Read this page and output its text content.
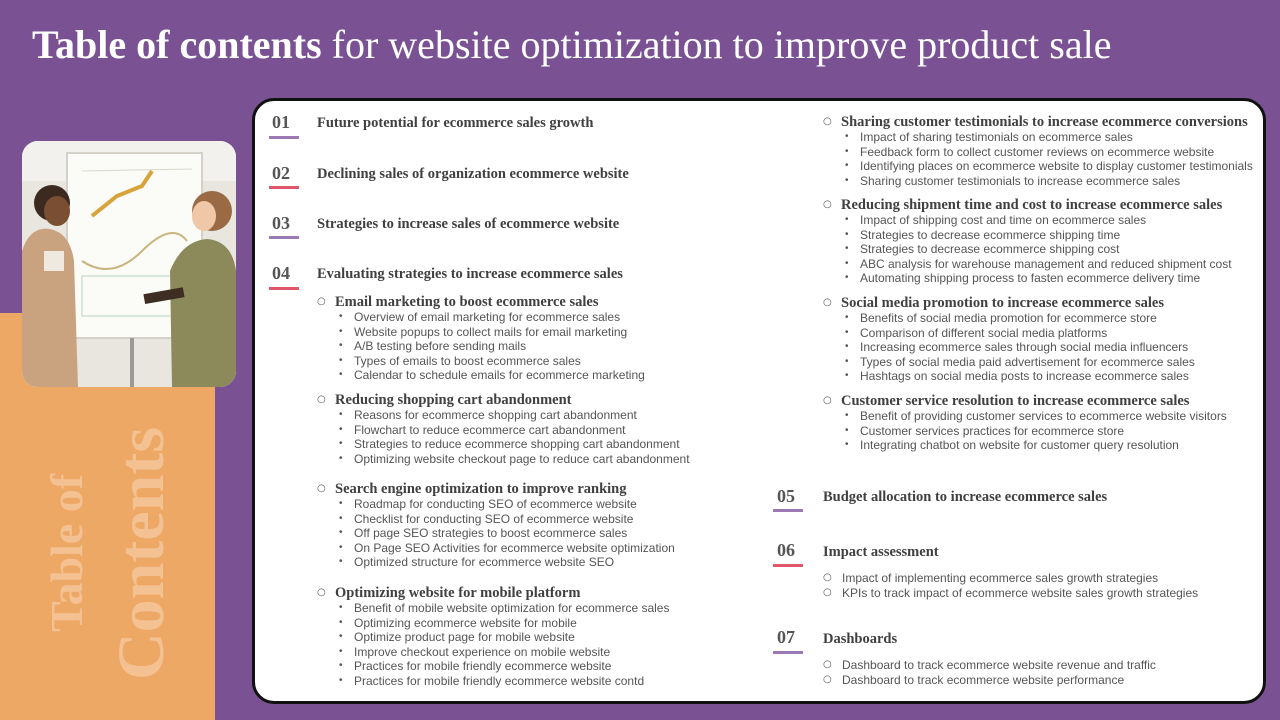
Table of contents for website optimization to improve product sale
Table of Contents
01 Future potential for ecommerce sales growth
02 Declining sales of organization ecommerce website
03 Strategies to increase sales of ecommerce website
04 Evaluating strategies to increase ecommerce sales
○ Email marketing to boost ecommerce sales
• Overview of email marketing for ecommerce sales
• Website popups to collect mails for email marketing
• A/B testing before sending mails
• Types of emails to boost ecommerce sales
• Calendar to schedule emails for ecommerce marketing
○ Reducing shopping cart abandonment
• Reasons for ecommerce shopping cart abandonment
• Flowchart to reduce ecommerce cart abandonment
• Strategies to reduce ecommerce shopping cart abandonment
• Optimizing website checkout page to reduce cart abandonment
○ Search engine optimization to improve ranking
• Roadmap for conducting SEO of ecommerce website
• Checklist for conducting SEO of ecommerce website
• Off page SEO strategies to boost ecommerce sales
• On Page SEO Activities for ecommerce website optimization
• Optimized structure for ecommerce website SEO
○ Optimizing website for mobile platform
• Benefit of mobile website optimization for ecommerce sales
• Optimizing ecommerce website for mobile
• Optimize product page for mobile website
• Improve checkout experience on mobile website
• Practices for mobile friendly ecommerce website
• Practices for mobile friendly ecommerce website contd
○ Sharing customer testimonials to increase ecommerce conversions
• Impact of sharing testimonials on ecommerce sales
• Feedback form to collect customer reviews on ecommerce website
• Identifying places on ecommerce website to display customer testimonials
• Sharing customer testimonials to increase ecommerce sales
○ Reducing shipment time and cost to increase ecommerce sales
• Impact of shipping cost and time on ecommerce sales
• Strategies to decrease ecommerce shipping time
• Strategies to decrease ecommerce shipping cost
• ABC analysis for warehouse management and reduced shipment cost
• Automating shipping process to fasten ecommerce delivery time
○ Social media promotion to increase ecommerce sales
• Benefits of social media promotion for ecommerce store
• Comparison of different social media platforms
• Increasing ecommerce sales through social media influencers
• Types of social media paid advertisement for ecommerce sales
• Hashtags on social media posts to increase ecommerce sales
○ Customer service resolution to increase ecommerce sales
• Benefit of providing customer services to ecommerce website visitors
• Customer services practices for ecommerce store
• Integrating chatbot on website for customer query resolution
05 Budget allocation to increase ecommerce sales
06 Impact assessment
○ Impact of implementing ecommerce sales growth strategies
○ KPIs to track impact of ecommerce website sales growth strategies
07 Dashboards
○ Dashboard to track ecommerce website revenue and traffic
○ Dashboard to track ecommerce website performance
